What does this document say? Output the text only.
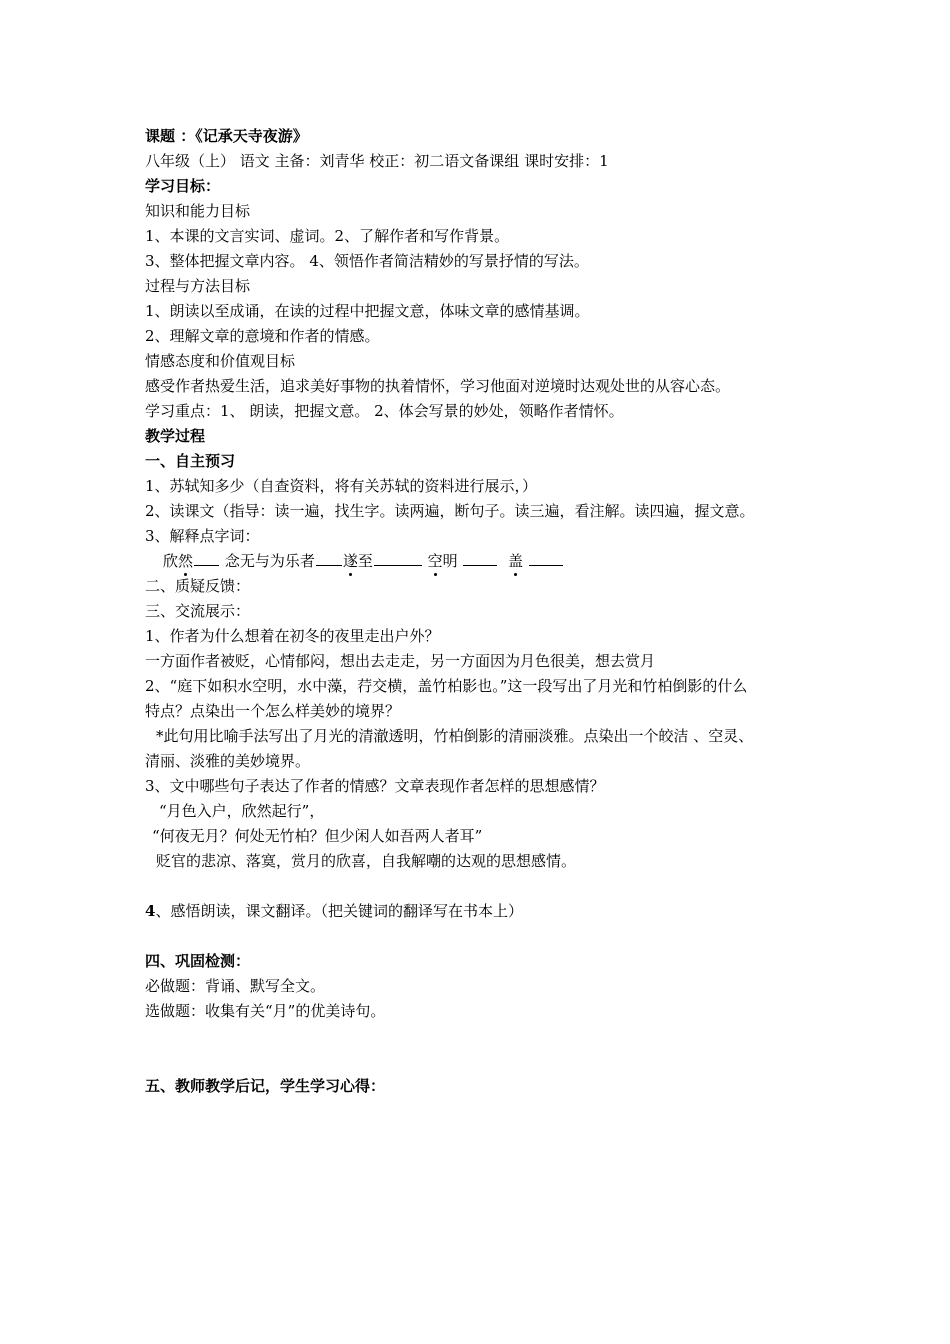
课题 ：《记承天寺夜游》

八年级（上） 语文 主备：刘青华 校正：初二语文备课组 课时安排：1

学习目标：

知识和能力目标

1、本课的文言实词、虚词。2、了解作者和写作背景。

3、整体把握文章内容。 4、领悟作者简洁精妙的写景抒情的写法。

过程与方法目标

1、朗读以至成诵，在读的过程中把握文意，体味文章的感情基调。

2、理解文章的意境和作者的情感。

情感态度和价值观目标

感受作者热爱生活，追求美好事物的执着情怀，学习他面对逆境时达观处世的从容心态。

学习重点：1、 朗读，把握文意。 2、体会写景的妙处，领略作者情怀。

教学过程

一、自主预习

1、苏轼知多少（自查资料，将有关苏轼的资料进行展示，）

2、读课文（指导：读一遍，找生字。读两遍，断句子。读三遍，看注解。读四遍，握文意。

3、解释点字词：

欣然 念无与为乐者 遂至	空明	盖

二、质疑反馈：

三、交流展示：

1、作者为什么想着在初冬的夜里走出户外？

一方面作者被贬，心情郁闷，想出去走走，另一方面因为月色很美，想去赏月

2、“庭下如积水空明，水中藻，荇交横，盖竹柏影也。”这一段写出了月光和竹柏倒影的什么

特点？点染出一个怎么样美妙的境界？

*此句用比喻手法写出了月光的清澈透明，竹柏倒影的清丽淡雅。点染出一个皎洁 、空灵、

清丽、淡雅的美妙境界。

3、文中哪些句子表达了作者的情感？文章表现作者怎样的思想感情？

“月色入户，欣然起行”，

“何夜无月？何处无竹柏？但少闲人如吾两人者耳”

贬官的悲凉、落寞，赏月的欣喜，自我解嘲的达观的思想感情。

4、感悟朗读，课文翻译。（把关键词的翻译写在书本上）

四、巩固检测：

必做题：背诵、默写全文。

选做题：收集有关“月”的优美诗句。

五、教师教学后记，学生学习心得：
